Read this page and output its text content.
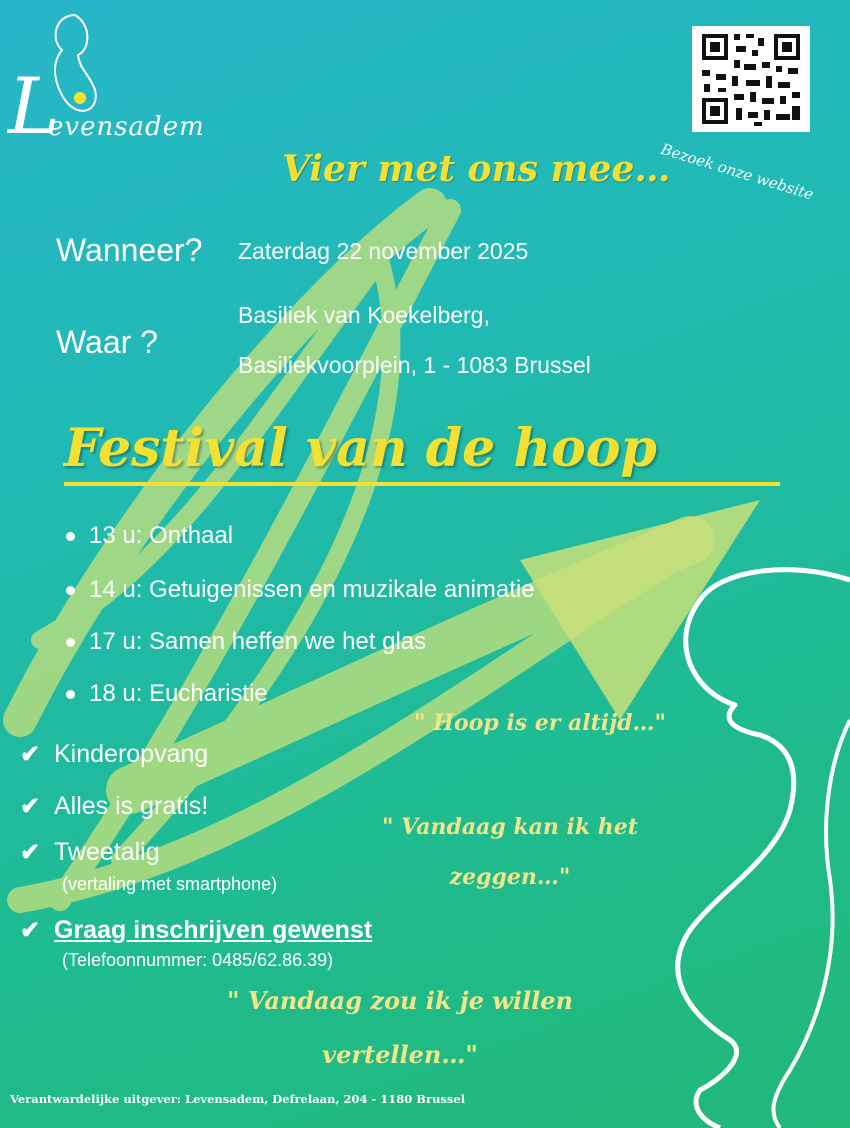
L
evensadem
Bezoek onze website
Vier met ons mee…
Wanneer? Zaterdag 22 november 2025
Waar ?
Basiliek van Koekelberg,
Basiliekvoorplein, 1 - 1083 Brussel
Festival van de hoop
13 u: Onthaal
14 u: Getuigenissen en muzikale animatie
17 u: Samen heffen we het glas
18 u: Eucharistie
✔ Kinderopvang
✔ Alles is gratis!
✔ Tweetalig
(vertaling met smartphone)
✔ Graag inschrijven gewenst
(Telefoonnummer: 0485/62.86.39)
" Hoop is er altijd…"
" Vandaag kan ik het
zeggen…"
" Vandaag zou ik je willen
vertellen…"
Verantwardelijke uitgever: Levensadem, Defrelaan, 204 - 1180 Brussel
